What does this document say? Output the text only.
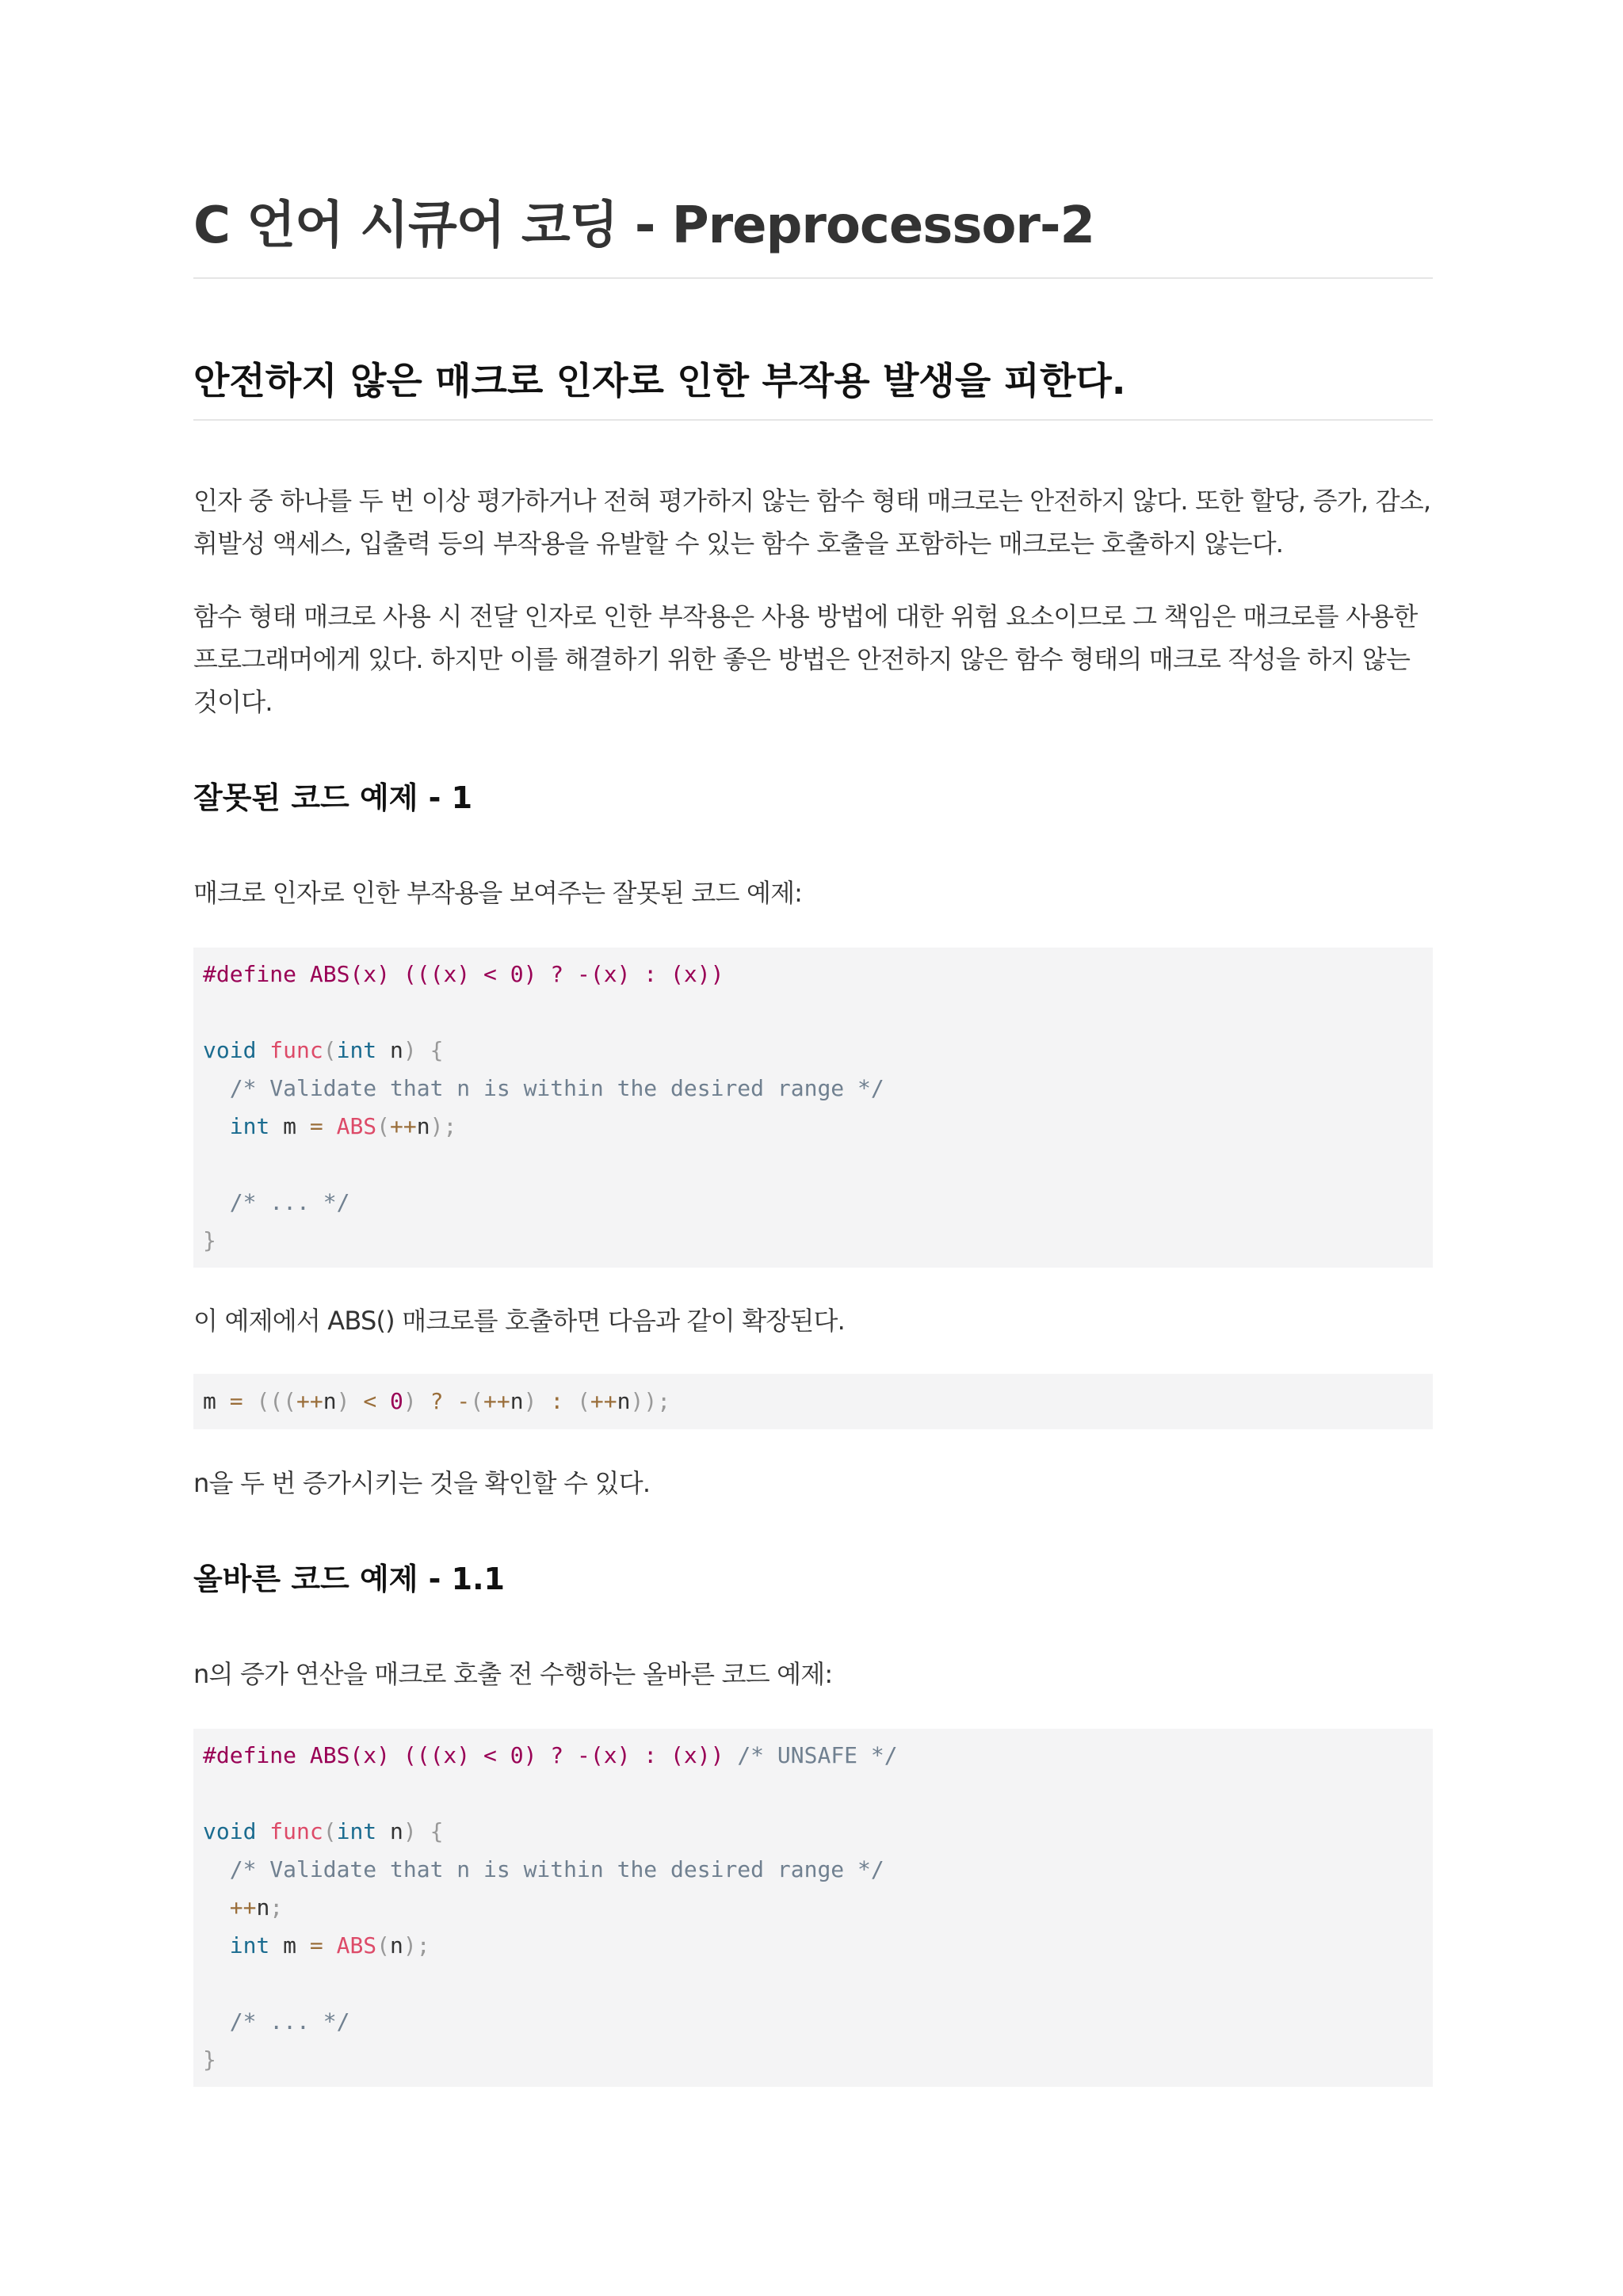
C 언어 시큐어 코딩 - Preprocessor-2
안전하지 않은 매크로 인자로 인한 부작용 발생을 피한다.

인자 중 하나를 두 번 이상 평가하거나 전혀 평가하지 않는 함수 형태 매크로는 안전하지 않다. 또한 할당, 증가, 감소, 휘발성 액세스, 입출력 등의 부작용을 유발할 수 있는 함수 호출을 포함하는 매크로는 호출하지 않는다.

함수 형태 매크로 사용 시 전달 인자로 인한 부작용은 사용 방법에 대한 위험 요소이므로 그 책임은 매크로를 사용한 프로그래머에게 있다. 하지만 이를 해결하기 위한 좋은 방법은 안전하지 않은 함수 형태의 매크로 작성을 하지 않는 것이다.

잘못된 코드 예제 - 1

매크로 인자로 인한 부작용을 보여주는 잘못된 코드 예제:

#define ABS(x) (((x) < 0) ? -(x) : (x))

void func(int n) {
/* Validate that n is within the desired range */
int m = ABS(++n);

/* ... */
}

이 예제에서 ABS() 매크로를 호출하면 다음과 같이 확장된다.

m = (((++n) < 0) ? -(++n) : (++n));

n을 두 번 증가시키는 것을 확인할 수 있다.

올바른 코드 예제 - 1.1

n의 증가 연산을 매크로 호출 전 수행하는 올바른 코드 예제:

#define ABS(x) (((x) < 0) ? -(x) : (x)) /* UNSAFE */

void func(int n) {
/* Validate that n is within the desired range */
++n;
int m = ABS(n);

/* ... */
}
